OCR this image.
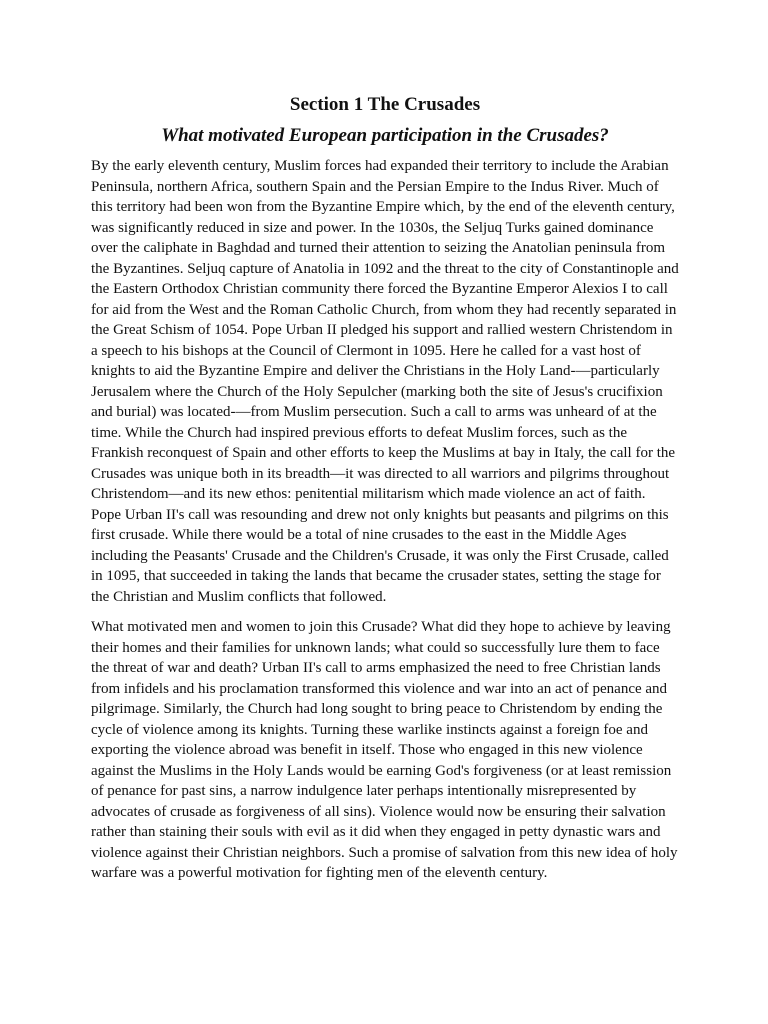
Section 1 The Crusades
What motivated European participation in the Crusades?

By the early eleventh century, Muslim forces had expanded their territory to include the Arabian Peninsula, northern Africa, southern Spain and the Persian Empire to the Indus River. Much of this territory had been won from the Byzantine Empire which, by the end of the eleventh century, was significantly reduced in size and power. In the 1030s, the Seljuq Turks gained dominance over the caliphate in Baghdad and turned their attention to seizing the Anatolian peninsula from the Byzantines. Seljuq capture of Anatolia in 1092 and the threat to the city of Constantinople and the Eastern Orthodox Christian community there forced the Byzantine Emperor Alexios I to call for aid from the West and the Roman Catholic Church, from whom they had recently separated in the Great Schism of 1054. Pope Urban II pledged his support and rallied western Christendom in a speech to his bishops at the Council of Clermont in 1095. Here he called for a vast host of knights to aid the Byzantine Empire and deliver the Christians in the Holy Land-—particularly Jerusalem where the Church of the Holy Sepulcher (marking both the site of Jesus's crucifixion and burial) was located-—from Muslim persecution. Such a call to arms was unheard of at the time. While the Church had inspired previous efforts to defeat Muslim forces, such as the Frankish reconquest of Spain and other efforts to keep the Muslims at bay in Italy, the call for the Crusades was unique both in its breadth—it was directed to all warriors and pilgrims throughout Christendom—and its new ethos: penitential militarism which made violence an act of faith. Pope Urban II's call was resounding and drew not only knights but peasants and pilgrims on this first crusade. While there would be a total of nine crusades to the east in the Middle Ages including the Peasants' Crusade and the Children's Crusade, it was only the First Crusade, called in 1095, that succeeded in taking the lands that became the crusader states, setting the stage for the Christian and Muslim conflicts that followed.

What motivated men and women to join this Crusade? What did they hope to achieve by leaving their homes and their families for unknown lands; what could so successfully lure them to face the threat of war and death? Urban II's call to arms emphasized the need to free Christian lands from infidels and his proclamation transformed this violence and war into an act of penance and pilgrimage. Similarly, the Church had long sought to bring peace to Christendom by ending the cycle of violence among its knights. Turning these warlike instincts against a foreign foe and exporting the violence abroad was benefit in itself. Those who engaged in this new violence against the Muslims in the Holy Lands would be earning God's forgiveness (or at least remission of penance for past sins, a narrow indulgence later perhaps intentionally misrepresented by advocates of crusade as forgiveness of all sins). Violence would now be ensuring their salvation rather than staining their souls with evil as it did when they engaged in petty dynastic wars and violence against their Christian neighbors. Such a promise of salvation from this new idea of holy warfare was a powerful motivation for fighting men of the eleventh century.
